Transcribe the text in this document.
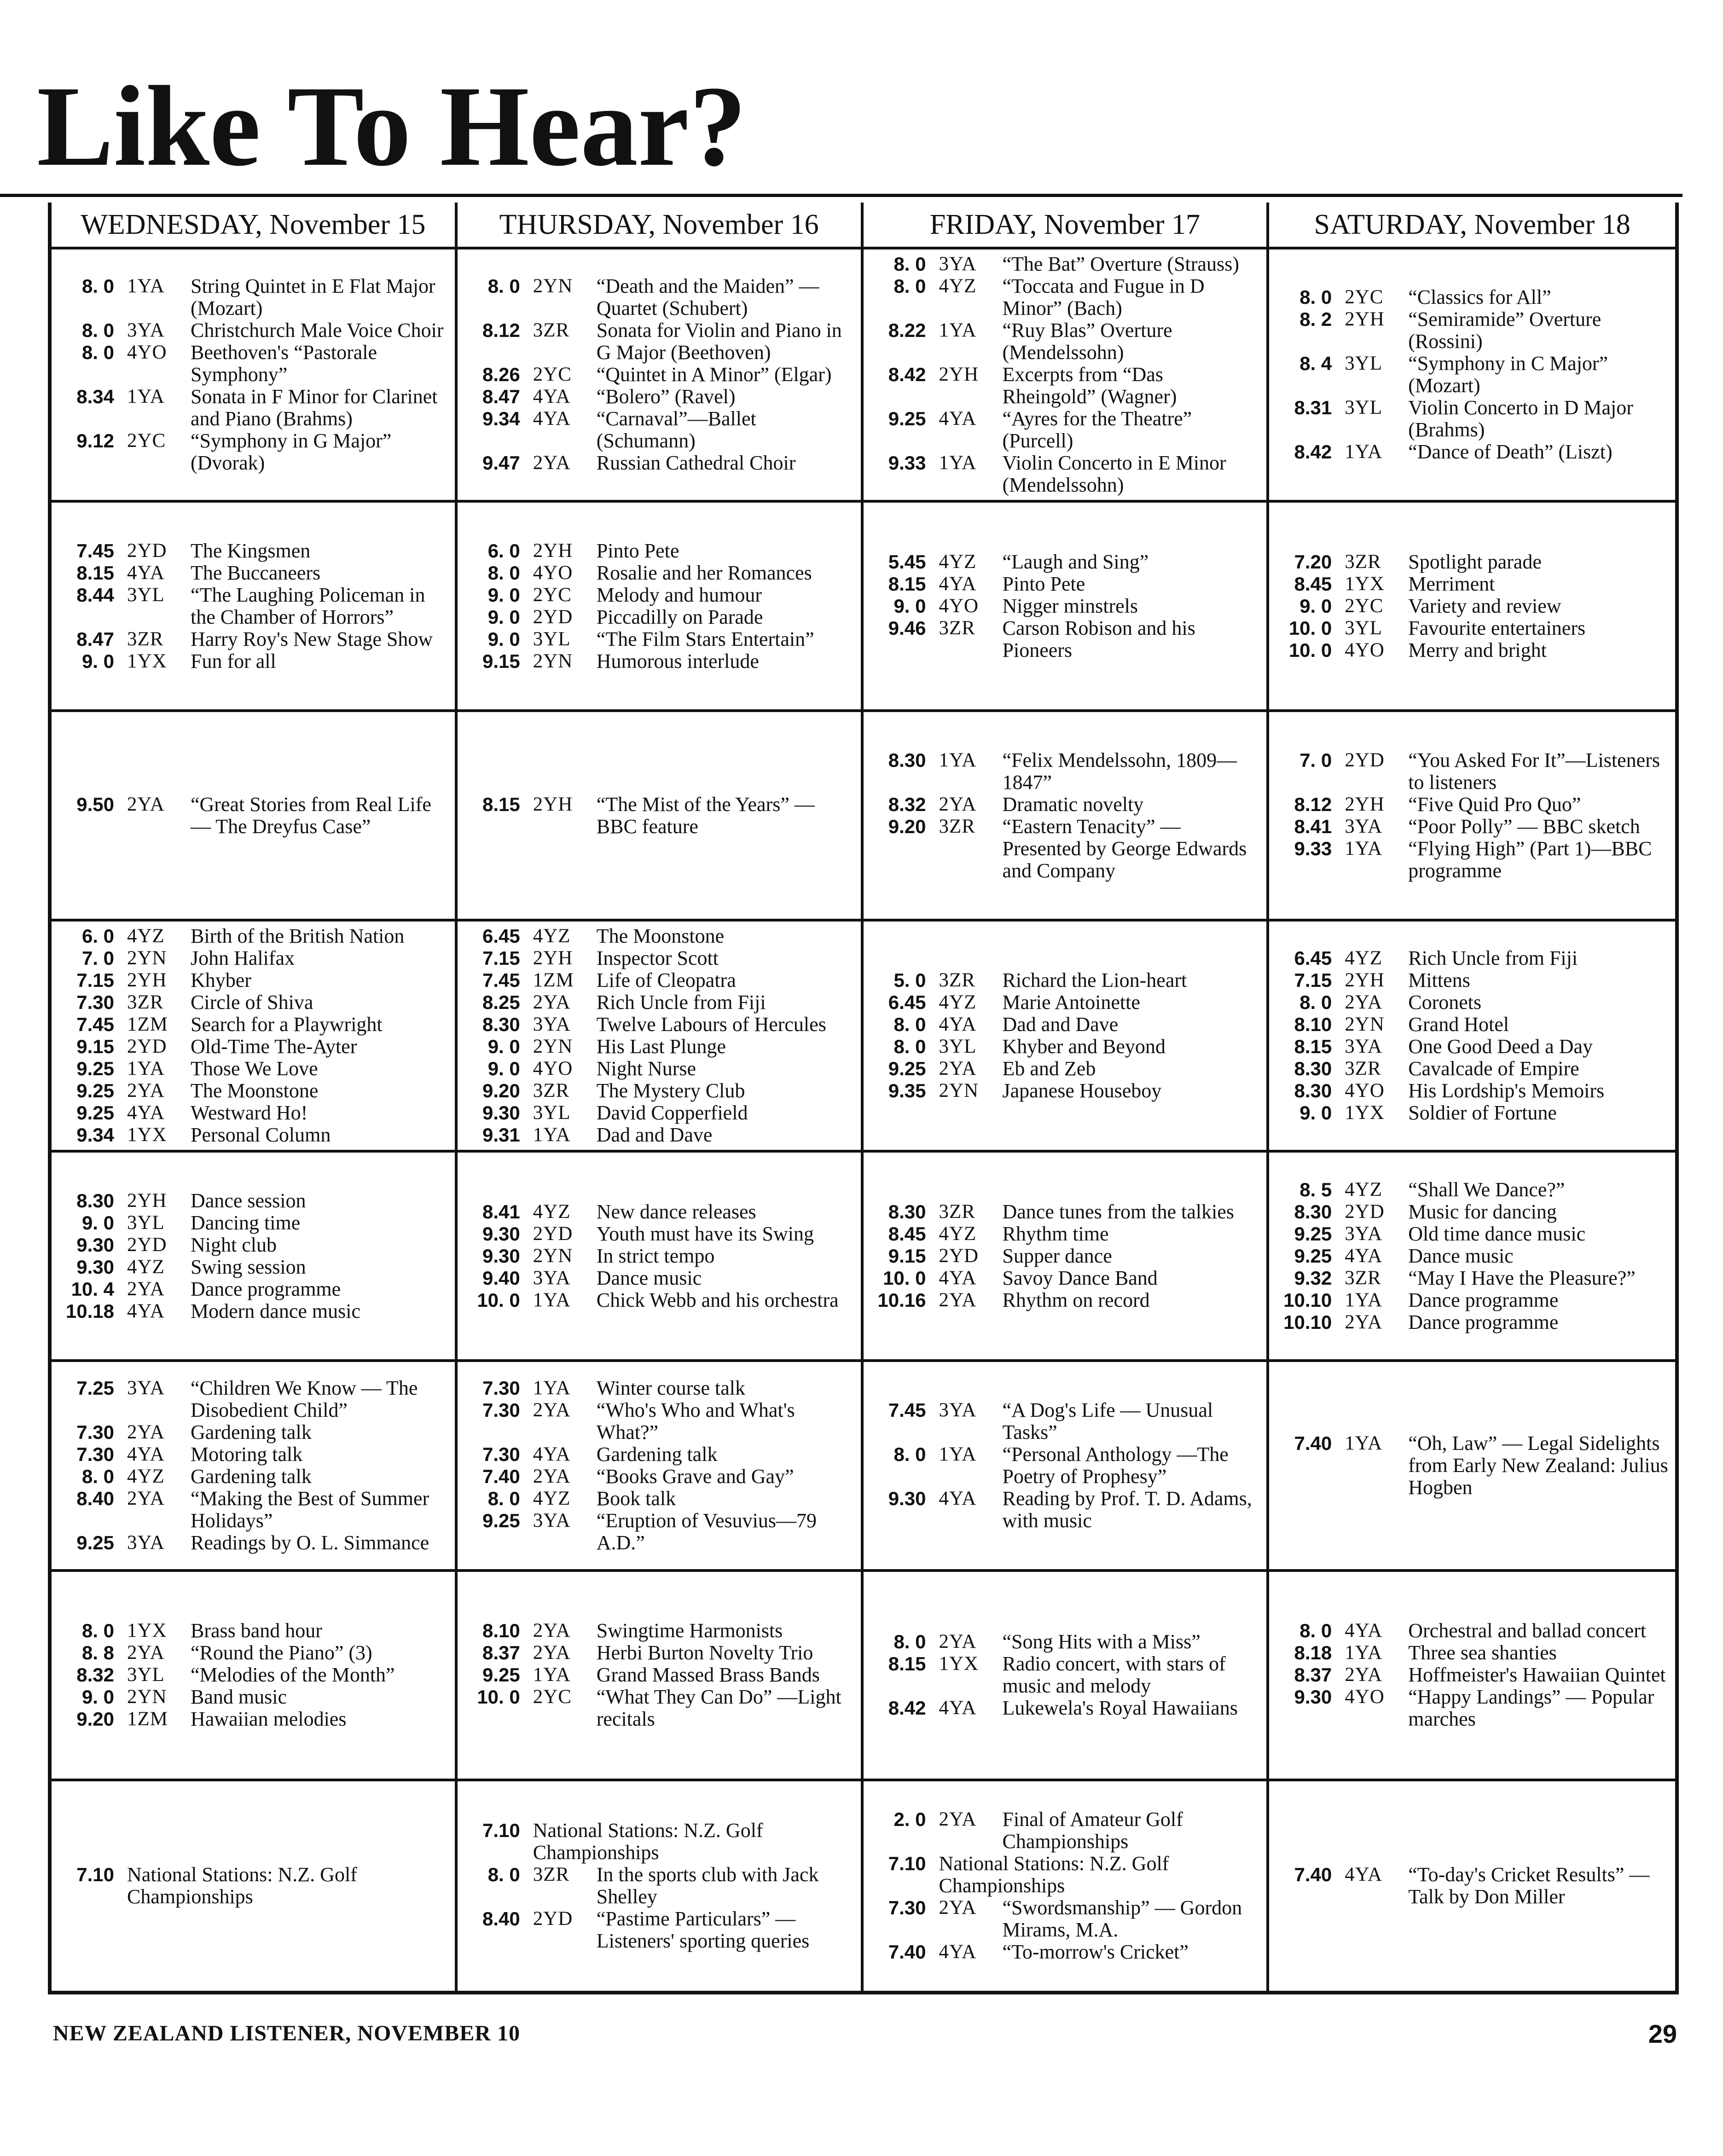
Like To Hear?
WEDNESDAY, November 15	THURSDAY, November 16	FRIDAY, November 17	SATURDAY, November 18
8. 0 1YA	String Quintet in E Flat Major (Mozart)
8. 0 3YA	Christchurch Male Voice Choir
8. 0 4YO	Beethoven's “Pastorale Symphony”
8.34 1YA	Sonata in F Minor for Clarinet and Piano (Brahms)
9.12 2YC	“Symphony in G Major” (Dvorak)
8. 0 2YN	“Death and the Maiden” —Quartet (Schubert)
8.12 3ZR	Sonata for Violin and Piano in G Major (Beethoven)
8.26 2YC	“Quintet in A Minor” (Elgar)
8.47 4YA	“Bolero” (Ravel)
9.34 4YA	“Carnaval”—Ballet (Schumann)
9.47 2YA	Russian Cathedral Choir
8. 0 3YA	“The Bat” Overture (Strauss)
8. 0 4YZ	“Toccata and Fugue in D Minor” (Bach)
8.22 1YA	“Ruy Blas” Overture (Mendelssohn)
8.42 2YH	Excerpts from “Das Rheingold” (Wagner)
9.25 4YA	“Ayres for the Theatre” (Purcell)
9.33 1YA	Violin Concerto in E Minor (Mendelssohn)
8. 0 2YC	“Classics for All”
8. 2 2YH	“Semiramide” Overture (Rossini)
8. 4 3YL	“Symphony in C Major” (Mozart)
8.31 3YL	Violin Concerto in D Major (Brahms)
8.42 1YA	“Dance of Death” (Liszt)
7.45 2YD	The Kingsmen
8.15 4YA	The Buccaneers
8.44 3YL	“The Laughing Policeman in the Chamber of Horrors”
8.47 3ZR	Harry Roy's New Stage Show
9. 0 1YX	Fun for all
6. 0 2YH	Pinto Pete
8. 0 4YO	Rosalie and her Romances
9. 0 2YC	Melody and humour
9. 0 2YD	Piccadilly on Parade
9. 0 3YL	“The Film Stars Entertain”
9.15 2YN	Humorous interlude
5.45 4YZ	“Laugh and Sing”
8.15 4YA	Pinto Pete
9. 0 4YO	Nigger minstrels
9.46 3ZR	Carson Robison and his Pioneers
7.20 3ZR	Spotlight parade
8.45 1YX	Merriment
9. 0 2YC	Variety and review
10. 0 3YL	Favourite entertainers
10. 0 4YO	Merry and bright
9.50 2YA	“Great Stories from Real Life — The Dreyfus Case”
8.15 2YH	“The Mist of the Years” —BBC feature
8.30 1YA	“Felix Mendelssohn, 1809—1847”
8.32 2YA	Dramatic novelty
9.20 3ZR	“Eastern Tenacity” — Presented by George Edwards and Company
7. 0 2YD	“You Asked For It”—Listeners to listeners
8.12 2YH	“Five Quid Pro Quo”
8.41 3YA	“Poor Polly” — BBC sketch
9.33 1YA	“Flying High” (Part 1)—BBC programme
6. 0 4YZ	Birth of the British Nation
7. 0 2YN	John Halifax
7.15 2YH	Khyber
7.30 3ZR	Circle of Shiva
7.45 1ZM	Search for a Playwright
9.15 2YD	Old-Time The-Ayter
9.25 1YA	Those We Love
9.25 2YA	The Moonstone
9.25 4YA	Westward Ho!
9.34 1YX	Personal Column
6.45 4YZ	The Moonstone
7.15 2YH	Inspector Scott
7.45 1ZM	Life of Cleopatra
8.25 2YA	Rich Uncle from Fiji
8.30 3YA	Twelve Labours of Hercules
9. 0 2YN	His Last Plunge
9. 0 4YO	Night Nurse
9.20 3ZR	The Mystery Club
9.30 3YL	David Copperfield
9.31 1YA	Dad and Dave
5. 0 3ZR	Richard the Lion-heart
6.45 4YZ	Marie Antoinette
8. 0 4YA	Dad and Dave
8. 0 3YL	Khyber and Beyond
9.25 2YA	Eb and Zeb
9.35 2YN	Japanese Houseboy
6.45 4YZ	Rich Uncle from Fiji
7.15 2YH	Mittens
8. 0 2YA	Coronets
8.10 2YN	Grand Hotel
8.15 3YA	One Good Deed a Day
8.30 3ZR	Cavalcade of Empire
8.30 4YO	His Lordship's Memoirs
9. 0 1YX	Soldier of Fortune
8.30 2YH	Dance session
9. 0 3YL	Dancing time
9.30 2YD	Night club
9.30 4YZ	Swing session
10. 4 2YA	Dance programme
10.18 4YA	Modern dance music
8.41 4YZ	New dance releases
9.30 2YD	Youth must have its Swing
9.30 2YN	In strict tempo
9.40 3YA	Dance music
10. 0 1YA	Chick Webb and his orchestra
8.30 3ZR	Dance tunes from the talkies
8.45 4YZ	Rhythm time
9.15 2YD	Supper dance
10. 0 4YA	Savoy Dance Band
10.16 2YA	Rhythm on record
8. 5 4YZ	“Shall We Dance?”
8.30 2YD	Music for dancing
9.25 3YA	Old time dance music
9.25 4YA	Dance music
9.32 3ZR	“May I Have the Pleasure?”
10.10 1YA	Dance programme
10.10 2YA	Dance programme
7.25 3YA	“Children We Know — The Disobedient Child”
7.30 2YA	Gardening talk
7.30 4YA	Motoring talk
8. 0 4YZ	Gardening talk
8.40 2YA	“Making the Best of Summer Holidays”
9.25 3YA	Readings by O. L. Simmance
7.30 1YA	Winter course talk
7.30 2YA	“Who's Who and What's What?”
7.30 4YA	Gardening talk
7.40 2YA	“Books Grave and Gay”
8. 0 4YZ	Book talk
9.25 3YA	“Eruption of Vesuvius—79 A.D.”
7.45 3YA	“A Dog's Life — Unusual Tasks”
8. 0 1YA	“Personal Anthology —The Poetry of Prophesy”
9.30 4YA	Reading by Prof. T. D. Adams, with music
7.40 1YA	“Oh, Law” — Legal Sidelights from Early New Zealand: Julius Hogben
8. 0 1YX	Brass band hour
8. 8 2YA	“Round the Piano” (3)
8.32 3YL	“Melodies of the Month”
9. 0 2YN	Band music
9.20 1ZM	Hawaiian melodies
8.10 2YA	Swingtime Harmonists
8.37 2YA	Herbi Burton Novelty Trio
9.25 1YA	Grand Massed Brass Bands
10. 0 2YC	“What They Can Do” —Light recitals
8. 0 2YA	“Song Hits with a Miss”
8.15 1YX	Radio concert, with stars of music and melody
8.42 4YA	Lukewela's Royal Hawaiians
8. 0 4YA	Orchestral and ballad concert
8.18 1YA	Three sea shanties
8.37 2YA	Hoffmeister's Hawaiian Quintet
9.30 4YO	“Happy Landings” — Popular marches
7.10 National Stations: N.Z. Golf Championships
7.10 National Stations: N.Z. Golf Championships
8. 0 3ZR	In the sports club with Jack Shelley
8.40 2YD	“Pastime Particulars” —Listeners' sporting queries
2. 0 2YA	Final of Amateur Golf Championships
7.10 National Stations: N.Z. Golf Championships
7.30 2YA	“Swordsmanship” — Gordon Mirams, M.A.
7.40 4YA	“To-morrow's Cricket”
7.40 4YA	“To-day's Cricket Results” — Talk by Don Miller
NEW ZEALAND LISTENER, NOVEMBER 10	29
